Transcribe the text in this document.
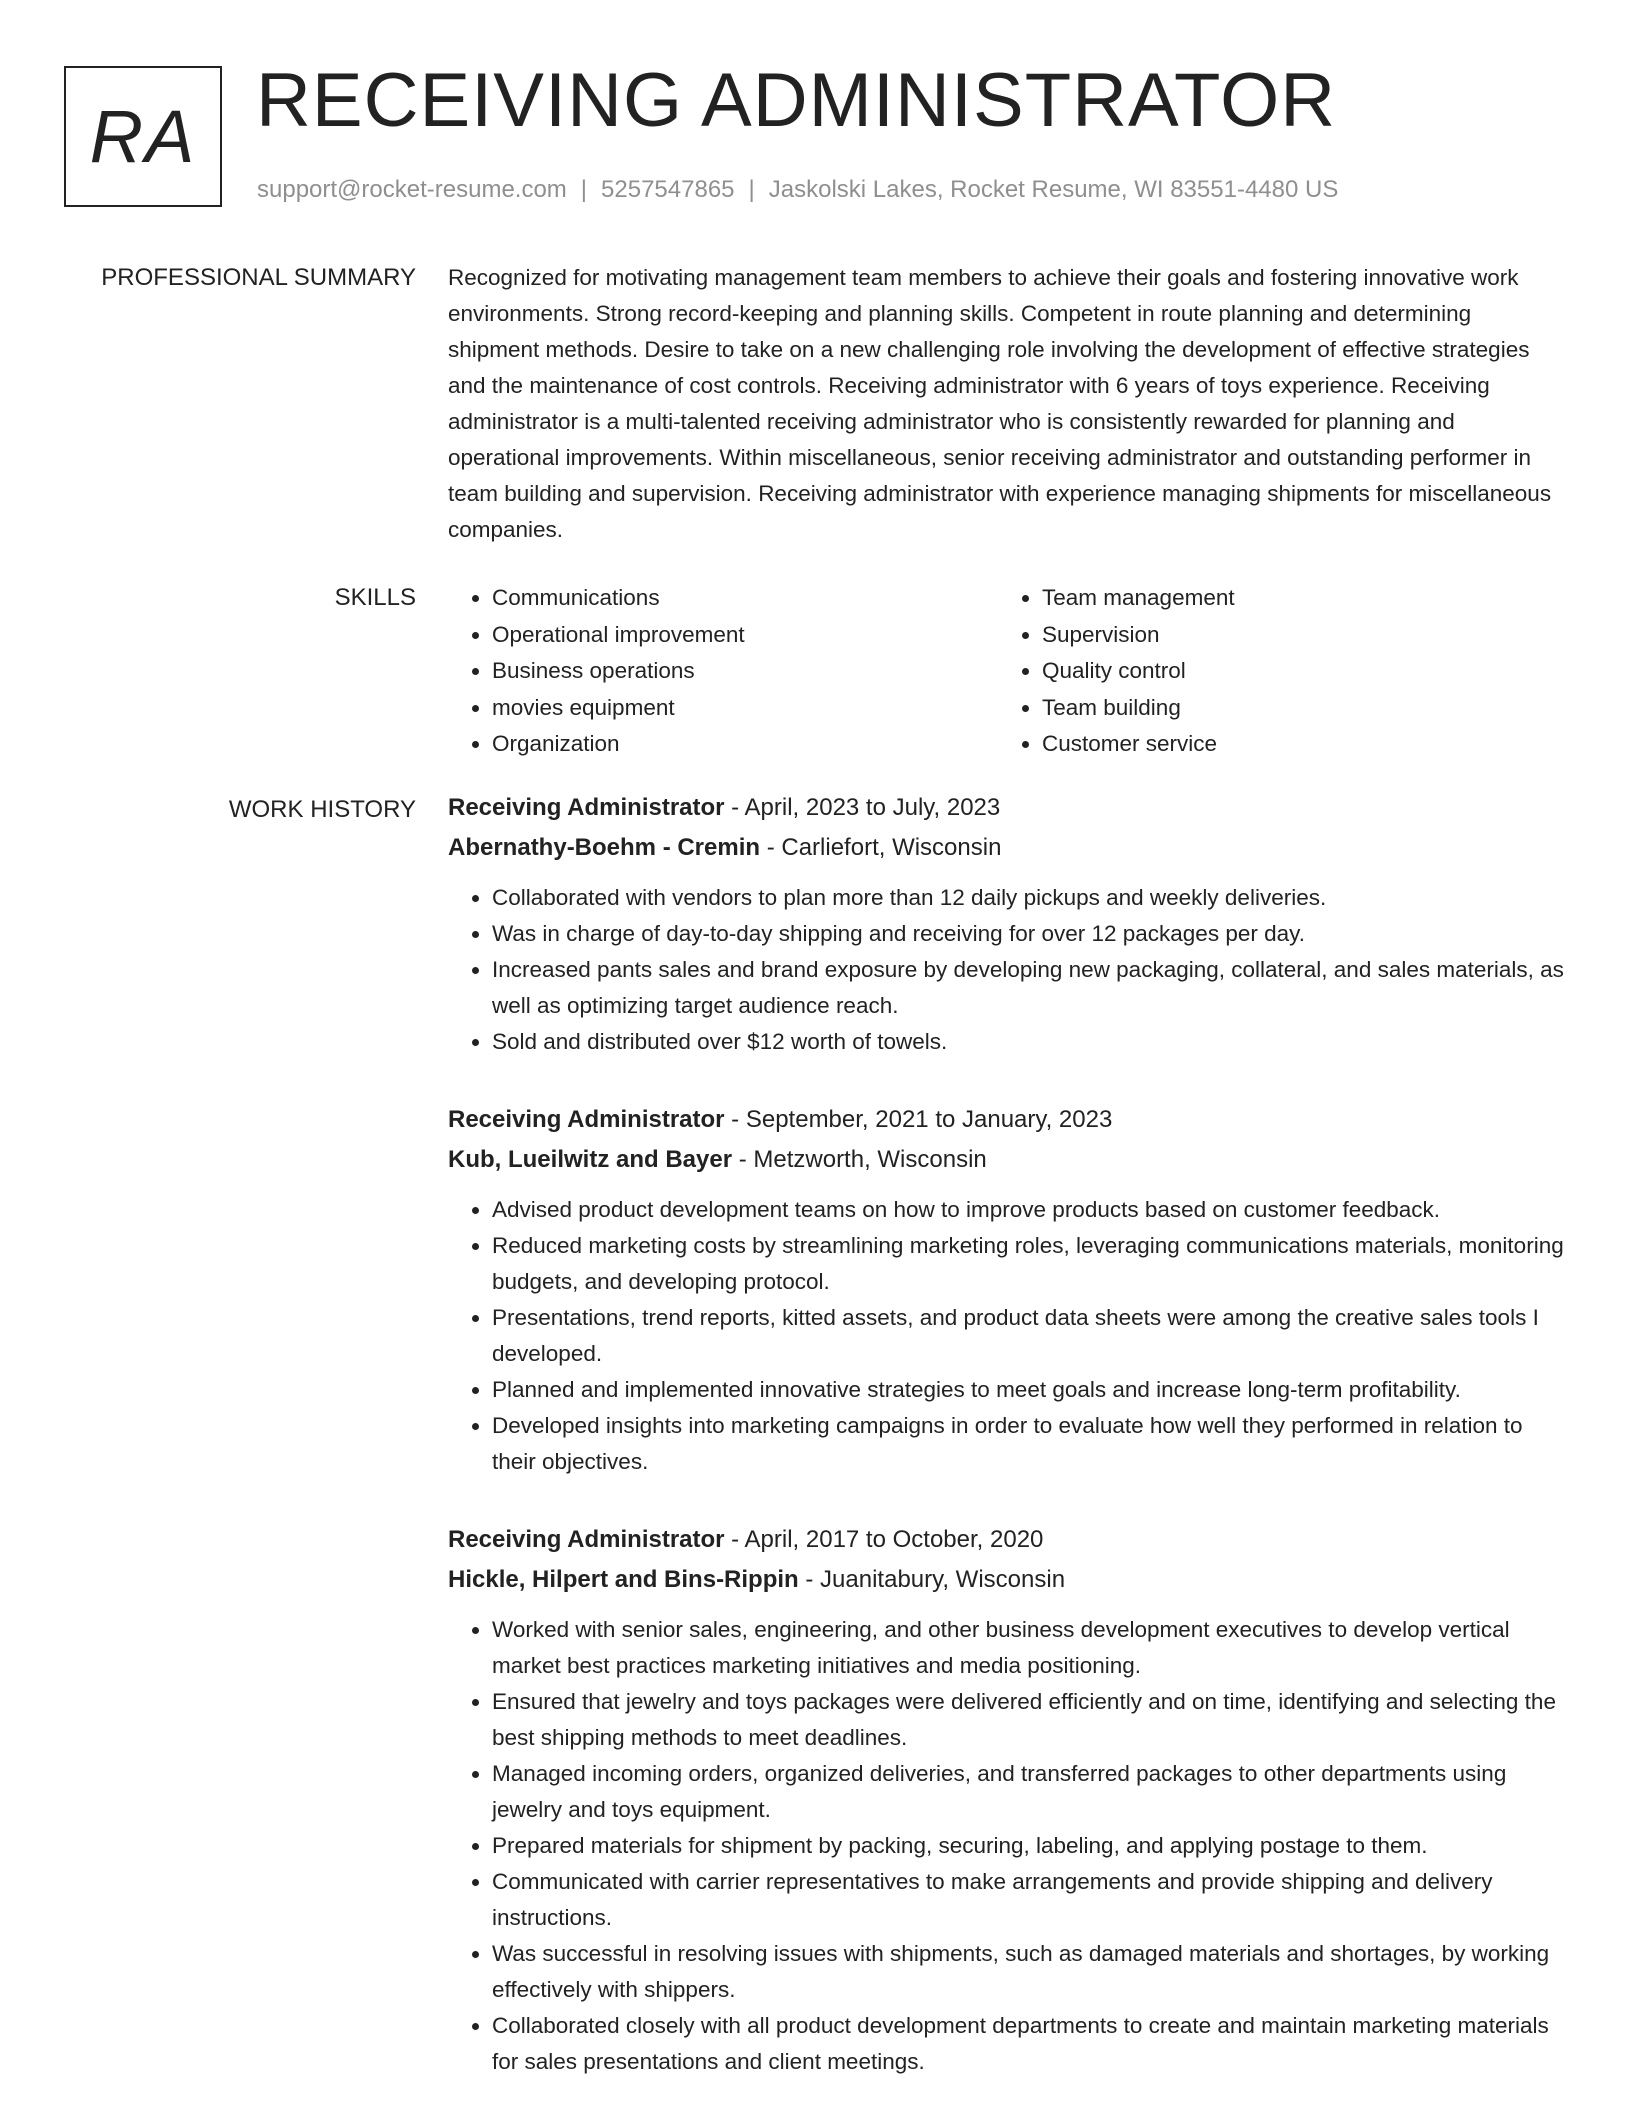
RA RECEIVING ADMINISTRATOR
support@rocket-resume.com | 5257547865 | Jaskolski Lakes, Rocket Resume, WI 83551-4480 US
PROFESSIONAL SUMMARY Recognized for motivating management team members to achieve their goals and fostering innovative work environments. Strong record-keeping and planning skills. Competent in route planning and determining shipment methods. Desire to take on a new challenging role involving the development of effective strategies and the maintenance of cost controls. Receiving administrator with 6 years of toys experience. Receiving administrator is a multi-talented receiving administrator who is consistently rewarded for planning and operational improvements. Within miscellaneous, senior receiving administrator and outstanding performer in team building and supervision. Receiving administrator with experience managing shipments for miscellaneous companies.

SKILLS
•	Communications
• Operational improvement
• Business operations
• movies equipment
• Organization
• Team management
• Supervision
• Quality control
• Team building
• Customer service
WORK HISTORY Receiving Administrator - April, 2023 to July, 2023
Abernathy-Boehm - Cremin - Carliefort, Wisconsin
• Collaborated with vendors to plan more than 12 daily pickups and weekly deliveries.
• Was in charge of day-to-day shipping and receiving for over 12 packages per day.
• Increased pants sales and brand exposure by developing new packaging, collateral, and sales materials, as well as optimizing target audience reach.
• Sold and distributed over $12 worth of towels.
Receiving Administrator - September, 2021 to January, 2023
Kub, Lueilwitz and Bayer - Metzworth, Wisconsin
• Advised product development teams on how to improve products based on customer feedback.
• Reduced marketing costs by streamlining marketing roles, leveraging communications materials, monitoring budgets, and developing protocol.
• Presentations, trend reports, kitted assets, and product data sheets were among the creative sales tools I developed.
• Planned and implemented innovative strategies to meet goals and increase long-term profitability.
• Developed insights into marketing campaigns in order to evaluate how well they performed in relation to their objectives.
Receiving Administrator - April, 2017 to October, 2020
Hickle, Hilpert and Bins-Rippin - Juanitabury, Wisconsin
• Worked with senior sales, engineering, and other business development executives to develop vertical market best practices marketing initiatives and media positioning.
• Ensured that jewelry and toys packages were delivered efficiently and on time, identifying and selecting the best shipping methods to meet deadlines.
• Managed incoming orders, organized deliveries, and transferred packages to other departments using jewelry and toys equipment.
• Prepared materials for shipment by packing, securing, labeling, and applying postage to them.
• Communicated with carrier representatives to make arrangements and provide shipping and delivery instructions.
• Was successful in resolving issues with shipments, such as damaged materials and shortages, by working effectively with shippers.
• Collaborated closely with all product development departments to create and maintain marketing materials for sales presentations and client meetings.
